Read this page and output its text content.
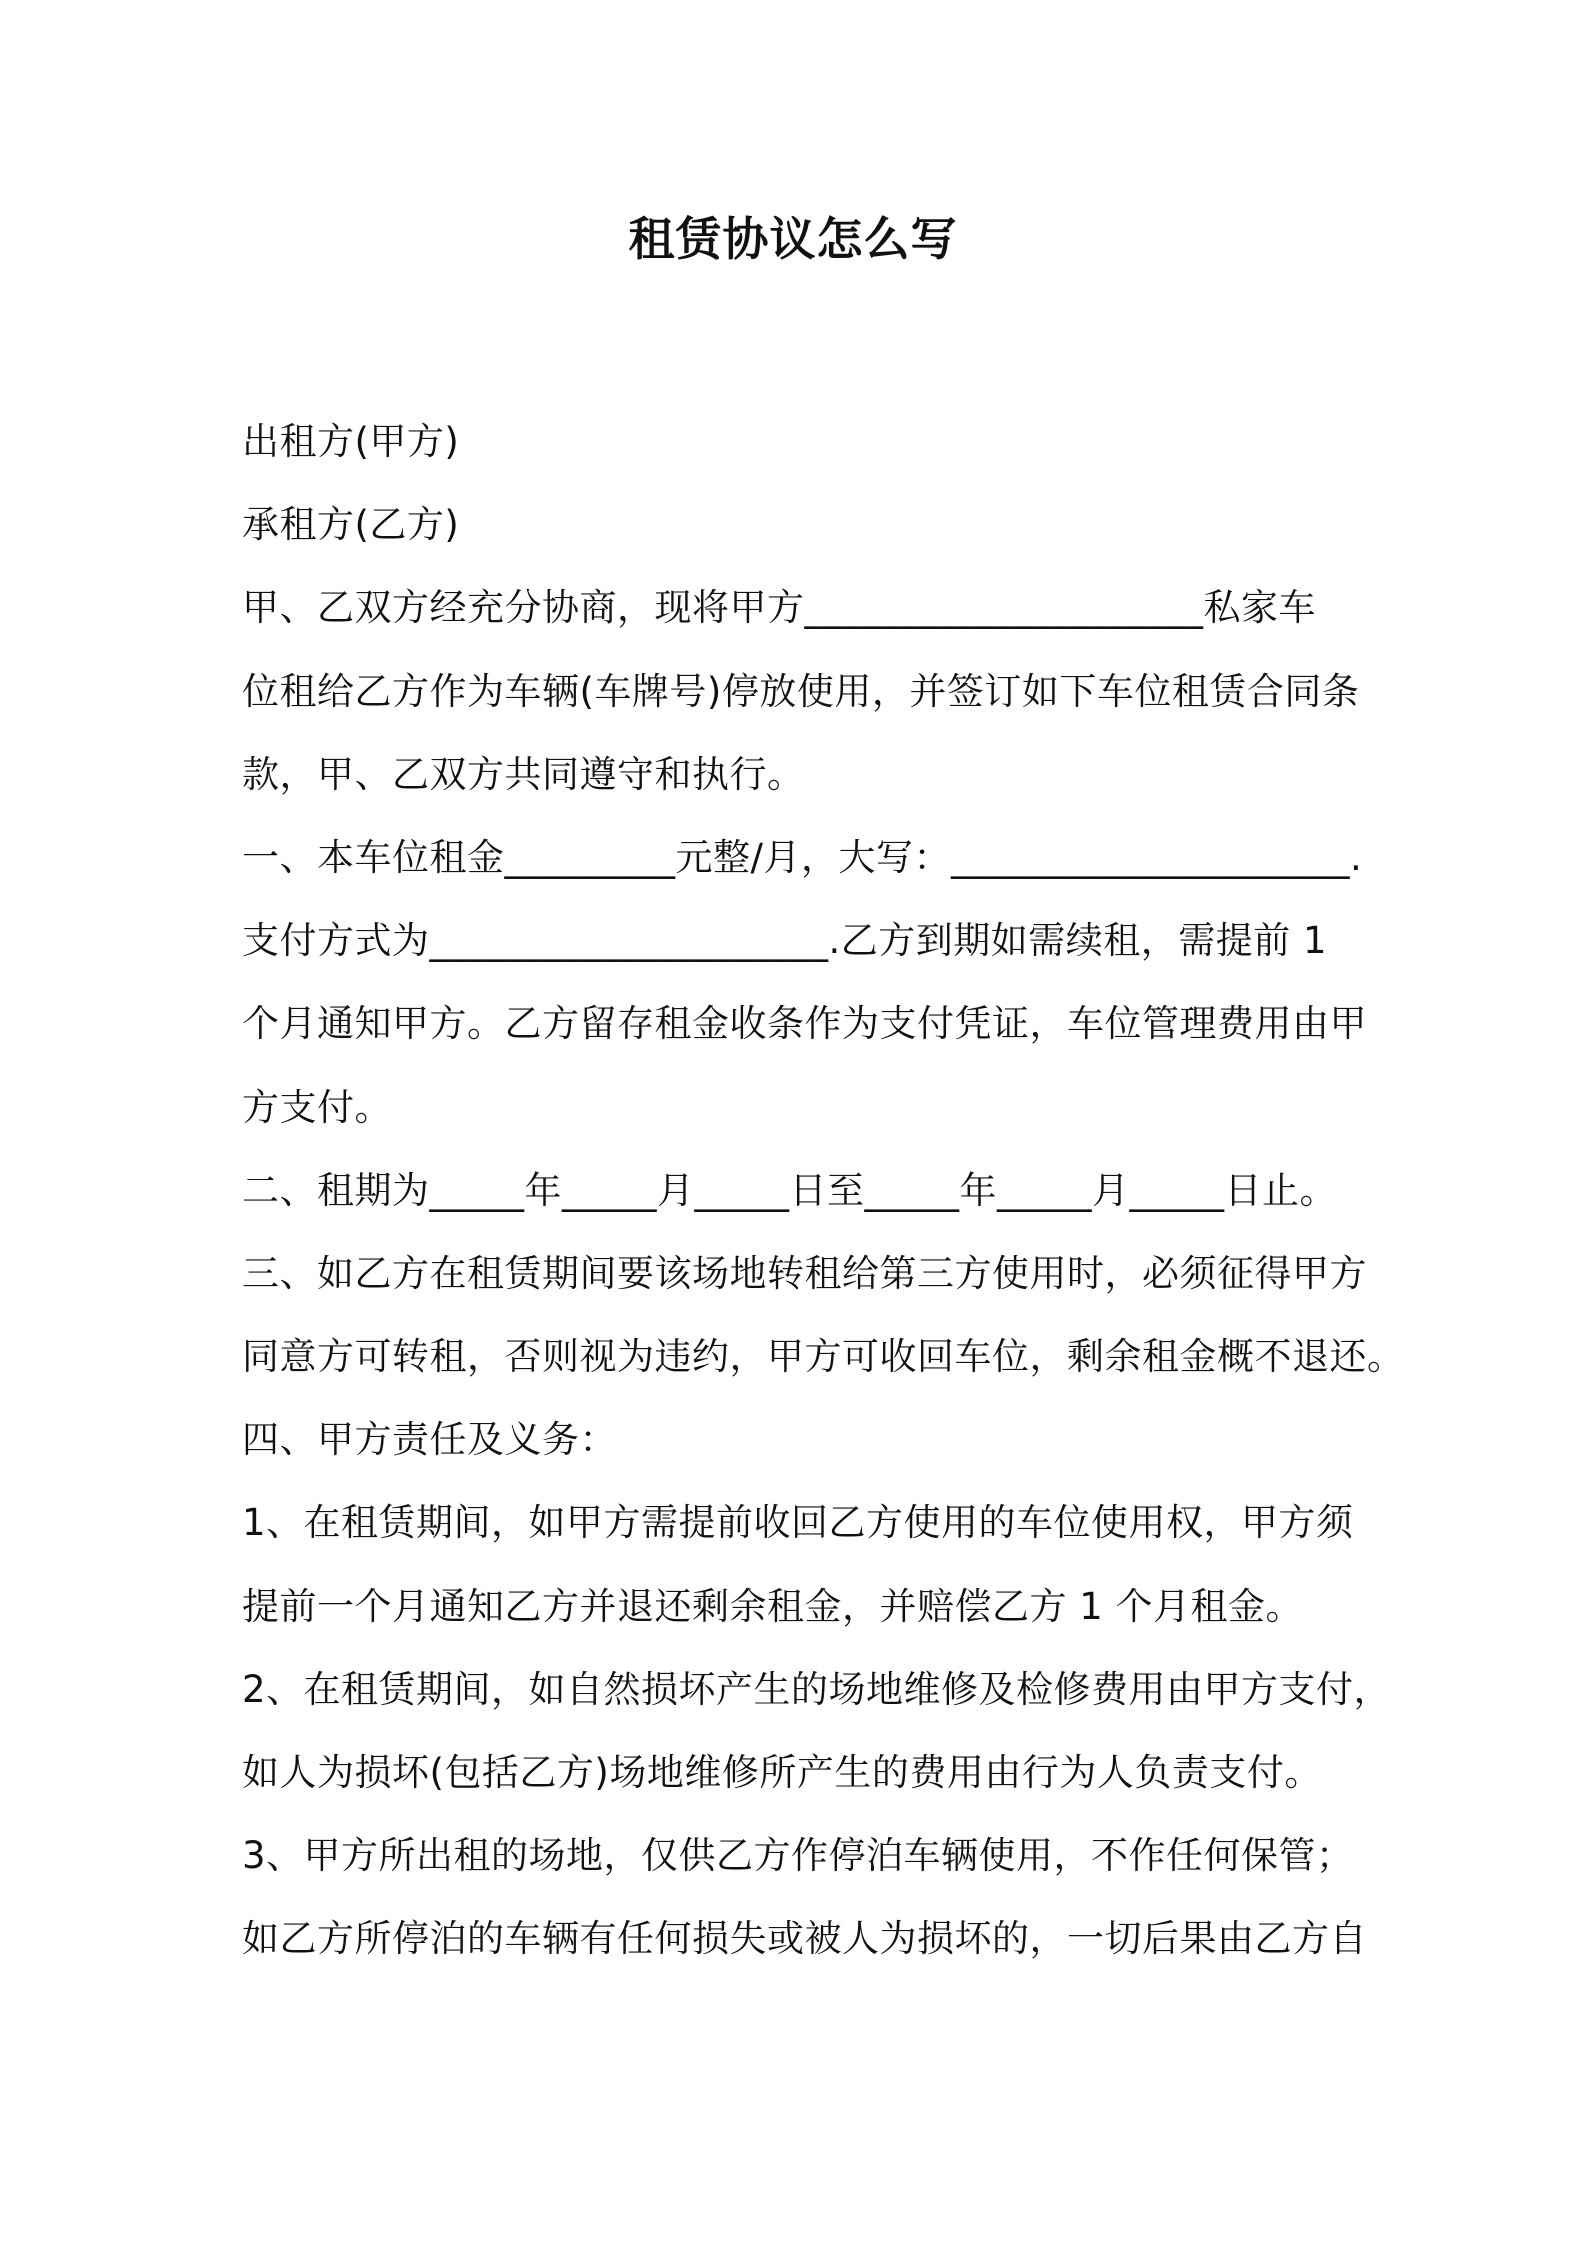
租赁协议怎么写
出租方(甲方)
承租方(乙方)
甲、乙双方经充分协商，现将甲方_____________________私家车
位租给乙方作为车辆(车牌号)停放使用，并签订如下车位租赁合同条
款，甲、乙双方共同遵守和执行。
一、本车位租金_________元整/月，大写：_____________________.
支付方式为_____________________.乙方到期如需续租，需提前 1
个月通知甲方。乙方留存租金收条作为支付凭证，车位管理费用由甲
方支付。
二、租期为_____年_____月_____日至_____年_____月_____日止。
三、如乙方在租赁期间要该场地转租给第三方使用时，必须征得甲方
同意方可转租，否则视为违约，甲方可收回车位，剩余租金概不退还。
四、甲方责任及义务：
1、在租赁期间，如甲方需提前收回乙方使用的车位使用权，甲方须
提前一个月通知乙方并退还剩余租金，并赔偿乙方 1 个月租金。
2、在租赁期间，如自然损坏产生的场地维修及检修费用由甲方支付，
如人为损坏(包括乙方)场地维修所产生的费用由行为人负责支付。
3、甲方所出租的场地，仅供乙方作停泊车辆使用，不作任何保管；
如乙方所停泊的车辆有任何损失或被人为损坏的，一切后果由乙方自
